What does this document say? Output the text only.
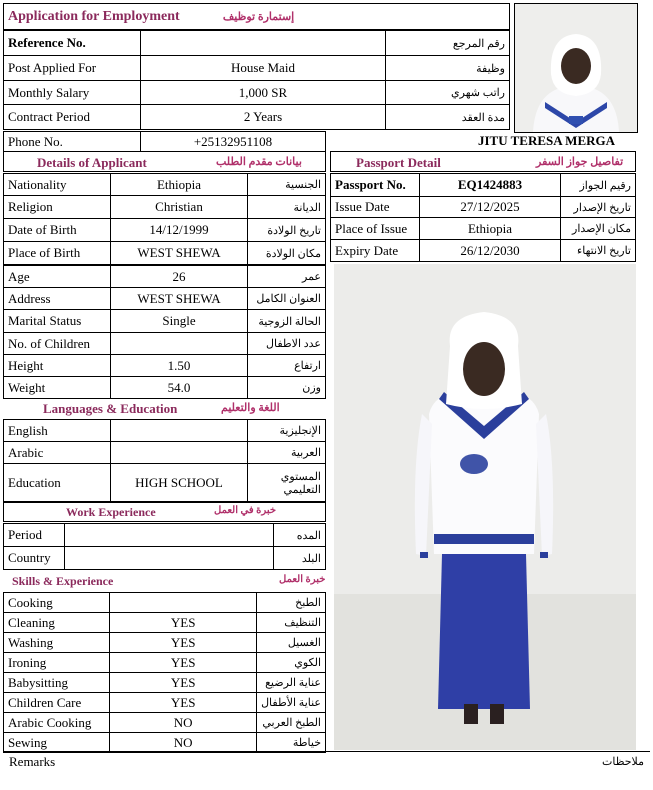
Application for Employment	إستمارة توظيف
Reference No.		رقم المرجع
Post Applied For	House Maid	وظيفة
Monthly Salary	1,000 SR	راتب شهري
Contract Period	2 Years	مدة العقد
Phone No.	+25132951108	JITU TERESA MERGA
Details of Applicant	بيانات مقدم الطلب
Nationality	Ethiopia	الجنسية
Religion	Christian	الديانة
Date of Birth	14/12/1999	تاريخ الولادة
Place of Birth	WEST SHEWA	مكان الولادة
Age	26	عمر
Address	WEST SHEWA	العنوان الكامل
Marital Status	Single	الحالة الزوجية
No. of Children		عدد الاطفال
Height	1.50	ارتفاع
Weight	54.0	وزن
Languages & Education	اللغة والتعليم
English		الإنجليزية
Arabic		العربية
Education	HIGH SCHOOL	المستوي التعليمي
Work Experience	خبرة في العمل
Period		المده
Country		البلد
Skills & Experience	خبرة العمل
Cooking		الطبخ
Cleaning	YES	التنظيف
Washing	YES	الغسيل
Ironing	YES	الكوي
Babysitting	YES	عناية الرضيع
Children Care	YES	عناية الأطفال
Arabic Cooking	NO	الطبخ العربي
Sewing	NO	خياطة
Passport Detail	تفاصيل جواز السفر
Passport No.	EQ1424883	رقيم الجواز
Issue Date	27/12/2025	تاريخ الإصدار
Place of Issue	Ethiopia	مكان الإصدار
Expiry Date	26/12/2030	تاريخ الانتهاء
Remarks	ملاحظات
